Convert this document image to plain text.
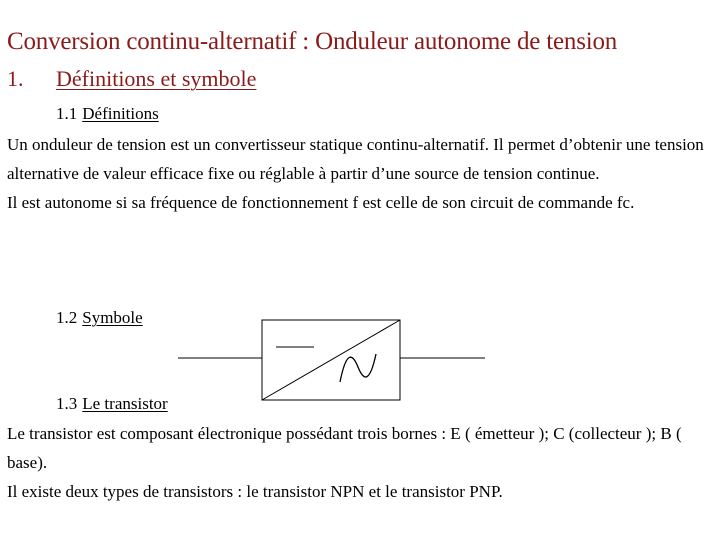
Conversion continu-alternatif : Onduleur autonome de tension
1. Définitions et symbole
1.1 Définitions

Un onduleur de tension est un convertisseur statique continu-alternatif. Il permet d’obtenir une tension alternative de valeur efficace fixe ou réglable à partir d’une source de tension continue.

Il est autonome si sa fréquence de fonctionnement f est celle de son circuit de commande fc.

1.2 Symbole
1.3 Le transistor

Le transistor est composant électronique possédant trois bornes : E ( émetteur ); C (collecteur ); B ( base).

Il existe deux types de transistors : le transistor NPN et le transistor PNP.
